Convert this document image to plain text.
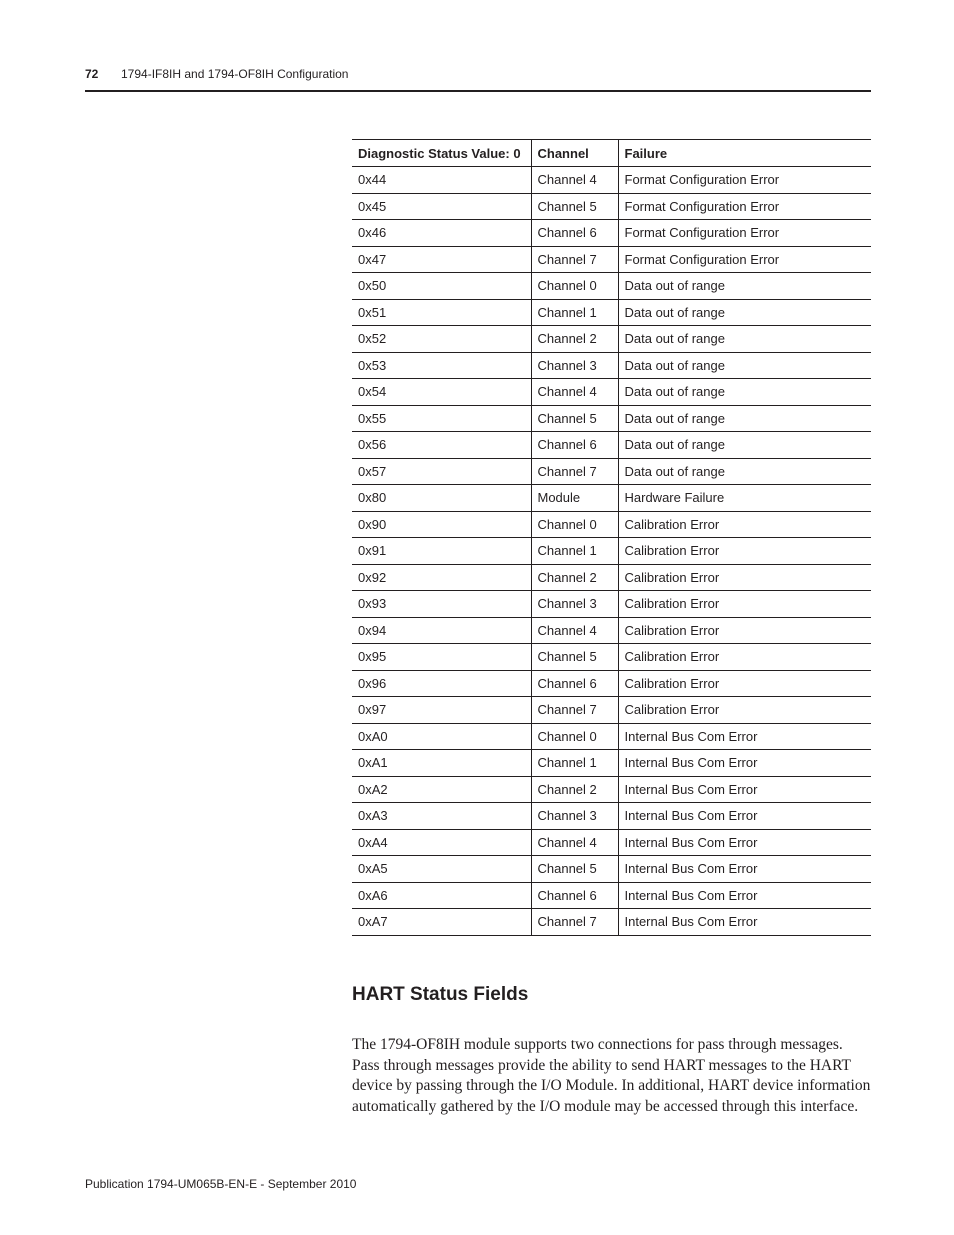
72 1794-IF8IH and 1794-OF8IH Configuration
Diagnostic Status Value: 0	Channel	Failure
0x44	Channel 4	Format Configuration Error
0x45	Channel 5	Format Configuration Error
0x46	Channel 6	Format Configuration Error
0x47	Channel 7	Format Configuration Error
0x50	Channel 0	Data out of range
0x51	Channel 1	Data out of range
0x52	Channel 2	Data out of range
0x53	Channel 3	Data out of range
0x54	Channel 4	Data out of range
0x55	Channel 5	Data out of range
0x56	Channel 6	Data out of range
0x57	Channel 7	Data out of range
0x80	Module	Hardware Failure
0x90	Channel 0	Calibration Error
0x91	Channel 1	Calibration Error
0x92	Channel 2	Calibration Error
0x93	Channel 3	Calibration Error
0x94	Channel 4	Calibration Error
0x95	Channel 5	Calibration Error
0x96	Channel 6	Calibration Error
0x97	Channel 7	Calibration Error
0xA0	Channel 0	Internal Bus Com Error
0xA1	Channel 1	Internal Bus Com Error
0xA2	Channel 2	Internal Bus Com Error
0xA3	Channel 3	Internal Bus Com Error
0xA4	Channel 4	Internal Bus Com Error
0xA5	Channel 5	Internal Bus Com Error
0xA6	Channel 6	Internal Bus Com Error
0xA7	Channel 7	Internal Bus Com Error
HART Status Fields

The 1794-OF8IH module supports two connections for pass through messages. Pass through messages provide the ability to send HART messages to the HART device by passing through the I/O Module. In additional, HART device information automatically gathered by the I/O module may be accessed through this interface.

Publication 1794-UM065B-EN-E - September 2010
